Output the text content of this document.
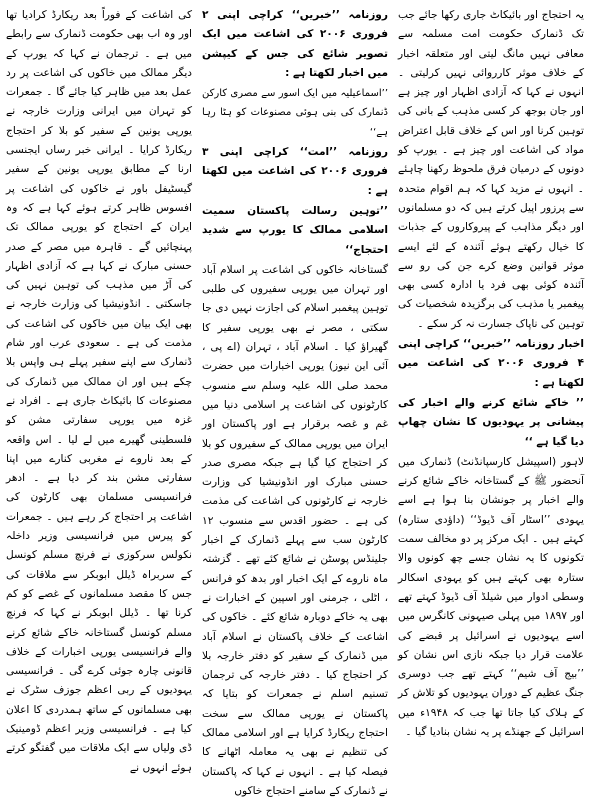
یہ احتجاج اور بائیکاٹ جاری رکھا جائے جب تک ڈنمارک حکومت امت مسلمہ سے معافی نہیں مانگ لیتی اور متعلقہ اخبار کے خلاف موثر کارروائی نہیں کرلیتی ۔ انہوں نے کہا کہ آزادی اظہار اور چیز ہے اور جان بوجھ کر کسی مذہب کے بانی کی توہین کرنا اور اس کے خلاف قابل اعتراض مواد کی اشاعت اور چیز ہے ۔ یورپ کو دونوں کے درمیان فرق ملحوظ رکھنا چاہئے ۔ انہوں نے مزید کہا کہ ہم اقوام متحدہ سے پرزور اپیل کرتے ہیں کہ دو مسلمانوں اور دیگر مذاہب کے پیروکاروں کے جذبات کا خیال رکھتے ہوئے آئندہ کے لئے ایسے موثر قوانین وضع کرے جن کی رو سے آئندہ کوئی بھی فرد یا ادارہ کسی بھی پیغمبر یا مذہب کی برگزیدہ شخصیات کی توہین کی ناپاک جسارت نہ کر سکے ۔

اخبار روزنامہ ’’خبریں‘‘ کراچی اپنی ۴ فروری ۲۰۰۶ کی اشاعت میں لکھتا ہے :

’’ خاکے شائع کرنے والے اخبار کی پیشانی پر یہودیوں کا نشان چھاپ دیا گیا ہے ‘‘

لاہور (اسپیشل کارسپانڈنٹ) ڈنمارک میں آنحضور ﷺ کے گستاخانہ خاکے شائع کرنے والے اخبار پر جونشان بنا ہوا ہے اسے یہودی ’’اسٹار آف ڈیوڈ‘‘ (داؤدی ستارہ) کہتے ہیں ۔ ایک مرکز پر دو مخالف سمت تکونوں کا یہ نشان جسے چھ کونوں والا ستارہ بھی کہتے ہیں کو یہودی اسکالر وسطی ادوار میں شیلڈ آف ڈیوڈ کہتے تھے اور ۱۸۹۷ میں پہلی صیہونی کانگرس میں اسے یہودیوں نے اسرائیل پر قبضے کی علامت قرار دیا جبکہ نازی اس نشان کو ’’بیج آف شیم‘‘ کہتے تھے جب دوسری جنگ عظیم کے دوران یہودیوں کو تلاش کر کے ہلاک کیا جاتا تھا جب کہ ۱۹۴۸ء میں اسرائیل کے جھنڈے پر یہ نشان بنادیا گیا ۔

روزنامہ ’’خبریں‘‘ کراچی اپنی ۲ فروری ۲۰۰۶ کی اشاعت میں ایک تصویر شائع کی جس کے کیپشن میں اخبار لکھتا ہے :

’’اسماعیلیہ میں ایک اسور سے مصری کارکن ڈنمارک کی بنی ہوئی مصنوعات کو ہٹا رہا ہے‘‘

روزنامہ ’’امت‘‘ کراچی اپنی ۳ فروری ۲۰۰۶ کی اشاعت میں لکھتا ہے :

’’توہین رسالت پاکستان سمیت اسلامی ممالک کا یورپ سے شدید احتجاج‘‘

گستاخانہ خاکوں کی اشاعت پر اسلام آباد اور تہران میں یورپی سفیروں کی طلبی توہین پیغمبر اسلام کی اجازت نہیں دی جا سکتی ، مصر نے بھی یورپی سفیر کا گھیراؤ کیا ۔ اسلام آباد ، تہران (اے پی ، آئی این نیوز) یورپی اخبارات میں حضرت محمد صلی اللہ علیہ وسلم سے منسوب کارٹونوں کی اشاعت پر اسلامی دنیا میں غم و غصہ برقرار ہے اور پاکستان اور ایران میں یورپی ممالک کے سفیروں کو بلا کر احتجاج کیا گیا ہے جبکہ مصری صدر حسنی مبارک اور انڈونیشیا کی وزارت خارجہ نے کارٹونوں کی اشاعت کی مذمت کی ہے ۔ حضور اقدس سے منسوب ۱۲ کارٹون سب سے پہلے ڈنمارک کے اخبار جلینڈس پوسٹن نے شائع کئے تھے ۔ گزشتہ ماہ ناروے کے ایک اخبار اور بدھ کو فرانس ، اٹلی ، جرمنی اور اسپین کے اخبارات نے بھی یہ خاکے دوبارہ شائع کئے ۔ خاکوں کی اشاعت کے خلاف پاکستان نے اسلام آباد میں ڈنمارک کے سفیر کو دفتر خارجہ بلا کر احتجاج کیا ۔ دفتر خارجہ کی ترجمان تسنیم اسلم نے جمعرات کو بتایا کہ پاکستان نے یورپی ممالک سے سخت احتجاج ریکارڈ کرایا ہے اور اسلامی ممالک کی تنظیم نے بھی یہ معاملہ اٹھانے کا فیصلہ کیا ہے ۔ انہوں نے کہا کہ پاکستان نے ڈنمارک کے سامنے احتجاج خاکوں

کی اشاعت کے فوراً بعد ریکارڈ کرادیا تھا اور وہ اب بھی حکومت ڈنمارک سے رابطے میں ہے ۔ ترجمان نے کہا کہ یورپ کے دیگر ممالک میں خاکوں کی اشاعت پر رد عمل بعد میں ظاہر کیا جائے گا ۔ جمعرات کو تہران میں ایرانی وزارت خارجہ نے یورپی یونین کے سفیر کو بلا کر احتجاج ریکارڈ کرایا ۔ ایرانی خبر رساں ایجنسی ارنا کے مطابق یورپی یونین کے سفیر گیسٹیفل باور نے خاکوں کی اشاعت پر افسوس ظاہر کرتے ہوئے کہا ہے کہ وہ ایران کے احتجاج کو یورپی ممالک تک پہنچائیں گے ۔ قاہرہ میں مصر کے صدر حسنی مبارک نے کہا ہے کہ آزادی اظہار کی آڑ میں مذہب کی توہین نہیں کی جاسکتی ۔ انڈونیشیا کی وزارت خارجہ نے بھی ایک بیان میں خاکوں کی اشاعت کی مذمت کی ہے ۔ سعودی عرب اور شام ڈنمارک سے اپنے سفیر پہلے ہی واپس بلا چکے ہیں اور ان ممالک میں ڈنمارک کی مصنوعات کا بائیکاٹ جاری ہے ۔ افراد نے غزہ میں یورپی سفارتی مشن کو فلسطینی گھیرے میں لے لیا ۔ اس واقعہ کے بعد ناروے نے مغربی کنارے میں اپنا سفارتی مشن بند کر دیا ہے ۔ ادھر فرانسیسی مسلمان بھی کارٹون کی اشاعت پر احتجاج کر رہے ہیں ۔ جمعرات کو پیرس میں فرانسیسی وزیر داخلہ نکولس سرکوزی نے فرنچ مسلم کونسل کے سربراہ ڈیلل ابوبکر سے ملاقات کی جس کا مقصد مسلمانوں کے غصے کو کم کرنا تھا ۔ ڈیلل ابوبکر نے کہا کہ فرنچ مسلم کونسل گستاخانہ خاکے شائع کرنے والے فرانسیسی یورپی اخبارات کے خلاف قانونی چارہ جوئی کرے گی ۔ فرانسیسی یہودیوں کے ربی اعظم جوزف سٹرک نے بھی مسلمانوں کے ساتھ ہمدردی کا اعلان کیا ہے ۔ فرانسیسی وزیر اعظم ڈومینیک ڈی ولیاں سے ایک ملاقات میں گفتگو کرتے ہوئے انہوں نے
